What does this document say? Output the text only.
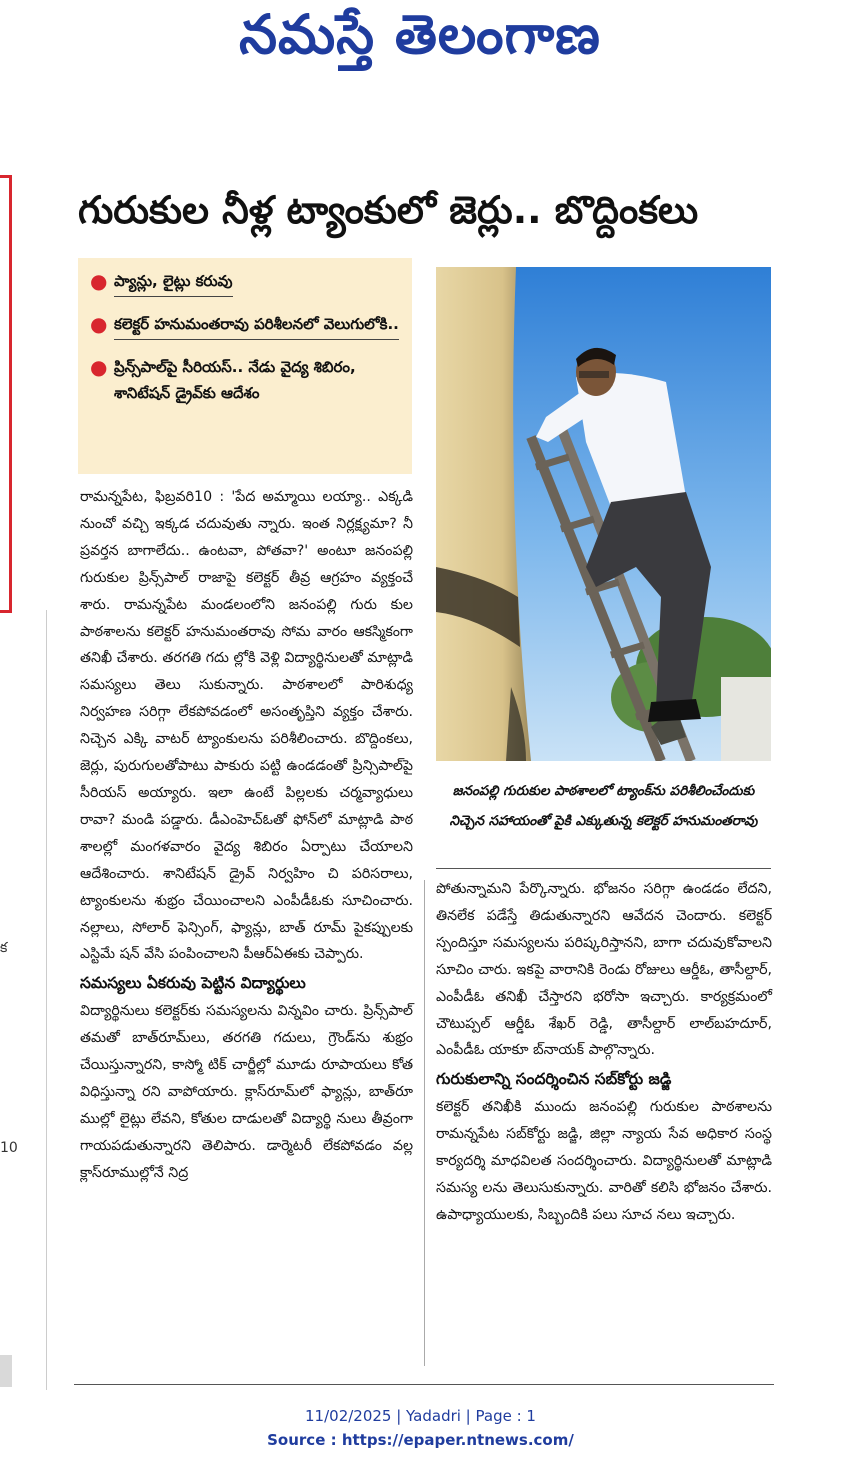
నమస్తే తెలంగాణ
క
10
గురుకుల నీళ్ల ట్యాంకులో జెర్లు.. బొద్దింకలు
● ప్యాన్లు, లైట్లు కరువు
● కలెక్టర్ హనుమంతరావు పరిశీలనలో వెలుగులోకి..
● ప్రిన్స్‌పాల్‌పై సీరియస్.. నేడు వైద్య శిబిరం, శానిటేషన్ డ్రైవ్‌కు ఆదేశం
జనంపల్లి గురుకుల పాఠశాలలో ట్యాంక్‌ను పరిశీలించేందుకు నిచ్చెన సహాయంతో పైకి ఎక్కుతున్న కలెక్టర్ హనుమంతరావు

రామన్నపేట, ఫిబ్రవరి10 : 'పేద అమ్మాయి లయ్యా.. ఎక్కడి నుంచో వచ్చి ఇక్కడ చదువుతు న్నారు. ఇంత నిర్లక్ష్యమా? నీ ప్రవర్తన బాగాలేదు.. ఉంటవా, పోతవా?' అంటూ జనంపల్లి గురుకుల ప్రిన్స్‌పాల్ రాజాపై కలెక్టర్ తీవ్ర ఆగ్రహం వ్యక్తంచే శారు. రామన్నపేట మండలంలోని జనంపల్లి గురు కుల పాఠశాలను కలెక్టర్ హనుమంతరావు సోమ వారం ఆకస్మికంగా తనిఖీ చేశారు. తరగతి గదు ల్లోకి వెళ్లి విద్యార్థినులతో మాట్లాడి సమస్యలు తెలు సుకున్నారు. పాఠశాలలో పారిశుధ్య నిర్వహణ సరిగ్గా లేకపోవడంలో అసంతృప్తిని వ్యక్తం చేశారు. నిచ్చెన ఎక్కి వాటర్ ట్యాంకులను పరిశీలించారు. బొద్దింకలు, జెర్లు, పురుగులతోపాటు పాకురు పట్టి ఉండడంతో ప్రిన్సిపాల్‌పై సీరియస్ అయ్యారు. ఇలా ఉంటే పిల్లలకు చర్మవ్యాధులు రావా? మండి పడ్డారు. డీఎంహెచ్‌ఓతో ఫోన్‌లో మాట్లాడి పాఠ శాలల్లో మంగళవారం వైద్య శిబిరం ఏర్పాటు చేయాలని ఆదేశించారు. శానిటేషన్ డ్రైవ్ నిర్వహిం చి పరిసరాలు, ట్యాంకులను శుభ్రం చేయించాలని ఎంపీడీఓకు సూచించారు. నల్లాలు, సోలార్ ఫెన్సింగ్, ఫ్యాన్లు, బాత్ రూమ్ పైకప్పులకు ఎస్టిమే షన్ వేసి పంపించాలని పీఆర్‌ఏఈకు చెప్పారు.

సమస్యలు ఏకరువు పెట్టిన విద్యార్థులు

విద్యార్థినులు కలెక్టర్‌కు సమస్యలను విన్నవిం చారు. ప్రిన్స్‌పాల్ తమతో బాత్‌రూమ్‌లు, తరగతి గదులు, గ్రౌండ్‌ను శుభ్రం చేయిస్తున్నారని, కాస్మో టిక్ చార్జీల్లో మూడు రూపాయలు కోత విధిస్తున్నా రని వాపోయారు. క్లాస్‌రూమ్‌లో ఫ్యాన్లు, బాత్‌రూ ముల్లో లైట్లు లేవని, కోతుల దాడులతో విద్యార్థి నులు తీవ్రంగా గాయపడుతున్నారని తెలిపారు. డార్మెటరీ లేకపోవడం వల్ల క్లాస్‌రూముల్లోనే నిద్ర

పోతున్నామని పేర్కొన్నారు. భోజనం సరిగ్గా ఉండడం లేదని, తినలేక పడేస్తే తిడుతున్నారని ఆవేదన చెందారు. కలెక్టర్ స్పందిస్తూ సమస్యలను పరిష్కరిస్తానని, బాగా చదువుకోవాలని సూచిం చారు. ఇకపై వారానికి రెండు రోజులు ఆర్డీఓ, తాసీల్దార్, ఎంపీడీఓ తనిఖీ చేస్తారని భరోసా ఇచ్చారు. కార్యక్రమంలో చౌటుప్పల్ ఆర్డీఓ శేఖర్ రెడ్డి, తాసీల్దార్ లాల్‌బహదూర్, ఎంపీడీఓ యాకూ బ్‌నాయక్ పాల్గొన్నారు.

గురుకులాన్ని సందర్శించిన సబ్‌కోర్టు జడ్జి

కలెక్టర్ తనిఖీకి ముందు జనంపల్లి గురుకుల పాఠశాలను రామన్నపేట సబ్‌కోర్టు జడ్జి, జిల్లా న్యాయ సేవ అధికార సంస్థ కార్యదర్శి మాధవిలత సందర్శించారు. విద్యార్థినులతో మాట్లాడి సమస్య లను తెలుసుకున్నారు. వారితో కలిసి భోజనం చేశారు. ఉపాధ్యాయులకు, సిబ్బందికి పలు సూచ నలు ఇచ్చారు.

11/02/2025 | Yadadri | Page : 1
Source : https://epaper.ntnews.com/
